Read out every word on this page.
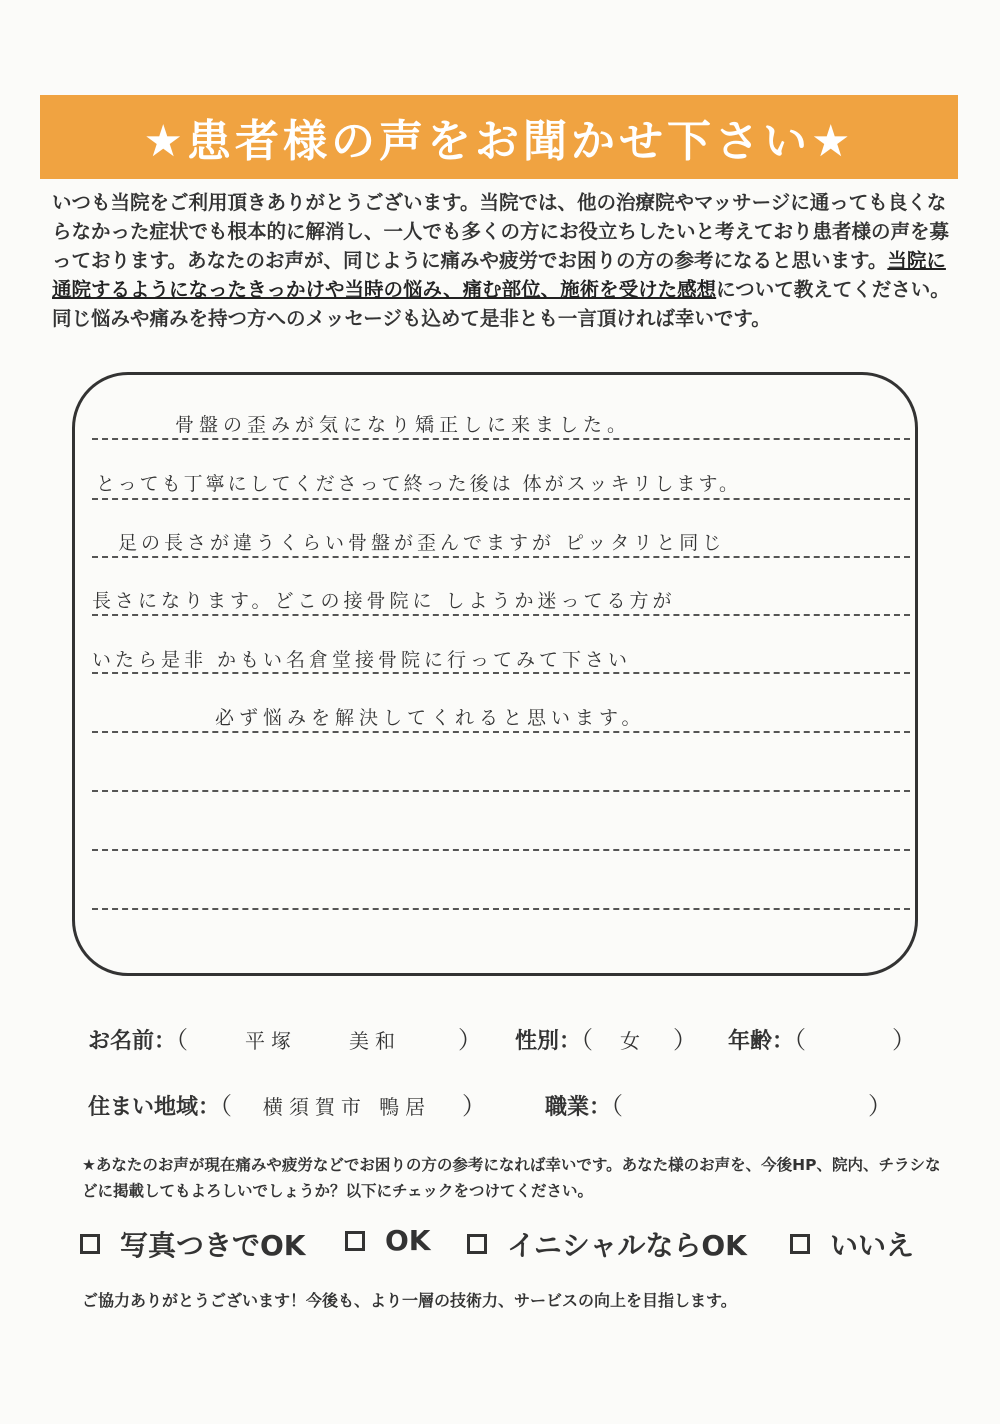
★患者様の声をお聞かせ下さい★
いつも当院をご利用頂きありがとうございます。当院では、他の治療院やマッサージに通っても良くならなかった症状でも根本的に解消し、一人でも多くの方にお役立ちしたいと考えており患者様の声を募っております。あなたのお声が、同じように痛みや疲労でお困りの方の参考になると思います。当院に通院するようになったきっかけや当時の悩み、痛む部位、施術を受けた感想について教えてください。同じ悩みや痛みを持つ方へのメッセージも込めて是非とも一言頂ければ幸いです。
骨盤の歪みが気になり矯正しに来ました。
とっても丁寧にしてくださって終った後は 体がスッキリします。
足の長さが違うくらい骨盤が歪んでますが ピッタリと同じ
長さになります。どこの接骨院に しようか迷ってる方が
いたら是非 かもい名倉堂接骨院に行ってみて下さい
必ず悩みを解決してくれると思います。
お名前：（	平塚　　美和 ） 性別：（ 女 ） 年齢：（	）
住まい地域：（ 横須賀市 鴨居 ）	職業：（	）
★あなたのお声が現在痛みや疲労などでお困りの方の参考になれば幸いです。あなた様のお声を、今後HP、院内、チラシなどに掲載してもよろしいでしょうか？以下にチェックをつけてください。
写真つきでOK	OK	イニシャルならOK	いいえ
ご協力ありがとうございます！今後も、より一層の技術力、サービスの向上を目指します。
